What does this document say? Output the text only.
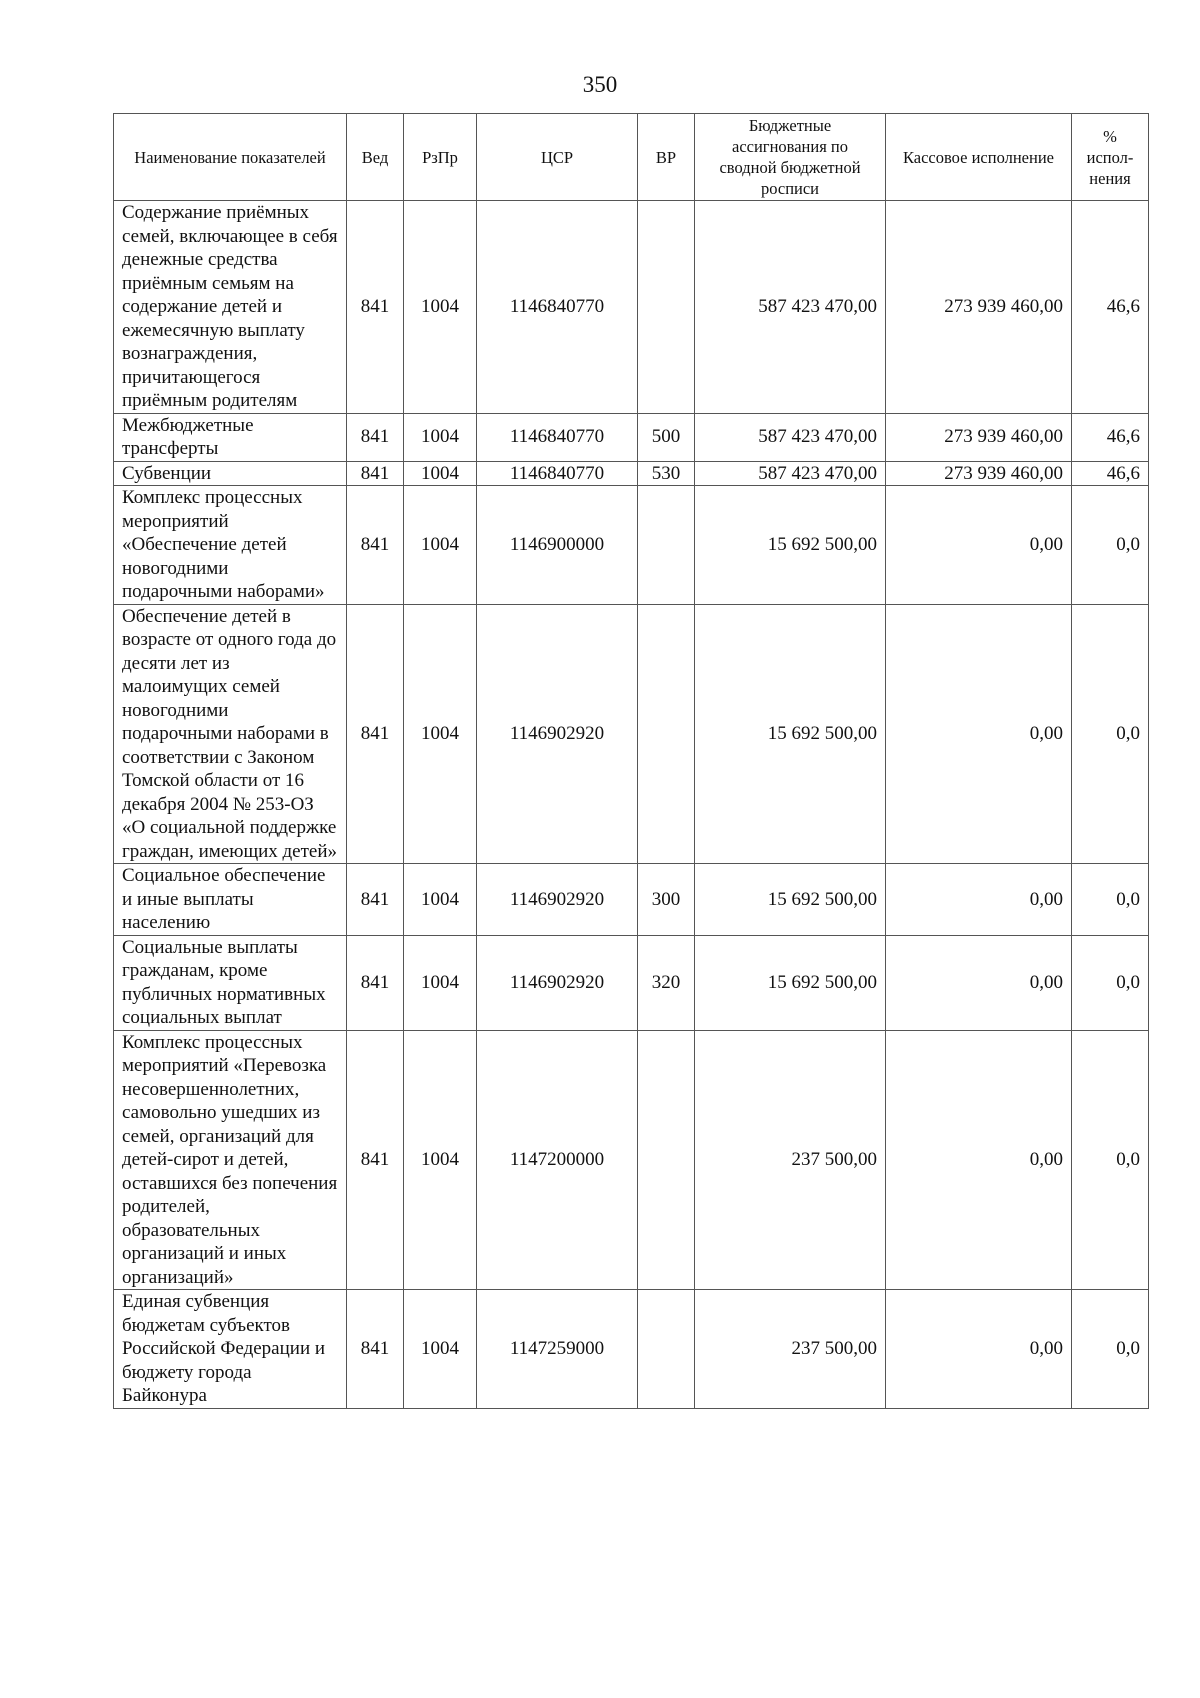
350
Наименование показателей	Вед	РзПр	ЦСР	ВР	Бюджетные ассигнования по сводной бюджетной росписи	Кассовое исполнение	% испол-нения
Содержание приёмных семей, включающее в себя денежные средства приёмным семьям на содержание детей и ежемесячную выплату вознаграждения, причитающегося приёмным родителям	841	1004	1146840770		587 423 470,00	273 939 460,00	46,6
Межбюджетные трансферты	841	1004	1146840770	500	587 423 470,00	273 939 460,00	46,6
Субвенции	841	1004	1146840770	530	587 423 470,00	273 939 460,00	46,6
Комплекс процессных мероприятий «Обеспечение детей новогодними подарочными наборами»	841	1004	1146900000		15 692 500,00	0,00	0,0
Обеспечение детей в возрасте от одного года до десяти лет из малоимущих семей новогодними подарочными наборами в соответствии с Законом Томской области от 16 декабря 2004 № 253-ОЗ «О социальной поддержке граждан, имеющих детей»	841	1004	1146902920		15 692 500,00	0,00	0,0
Социальное обеспечение и иные выплаты населению	841	1004	1146902920	300	15 692 500,00	0,00	0,0
Социальные выплаты гражданам, кроме публичных нормативных социальных выплат	841	1004	1146902920	320	15 692 500,00	0,00	0,0
Комплекс процессных мероприятий «Перевозка несовершеннолетних, самовольно ушедших из семей, организаций для детей-сирот и детей, оставшихся без попечения родителей, образовательных организаций и иных организаций»	841	1004	1147200000		237 500,00	0,00	0,0
Единая субвенция бюджетам субъектов Российской Федерации и бюджету города Байконура	841	1004	1147259000		237 500,00	0,00	0,0
